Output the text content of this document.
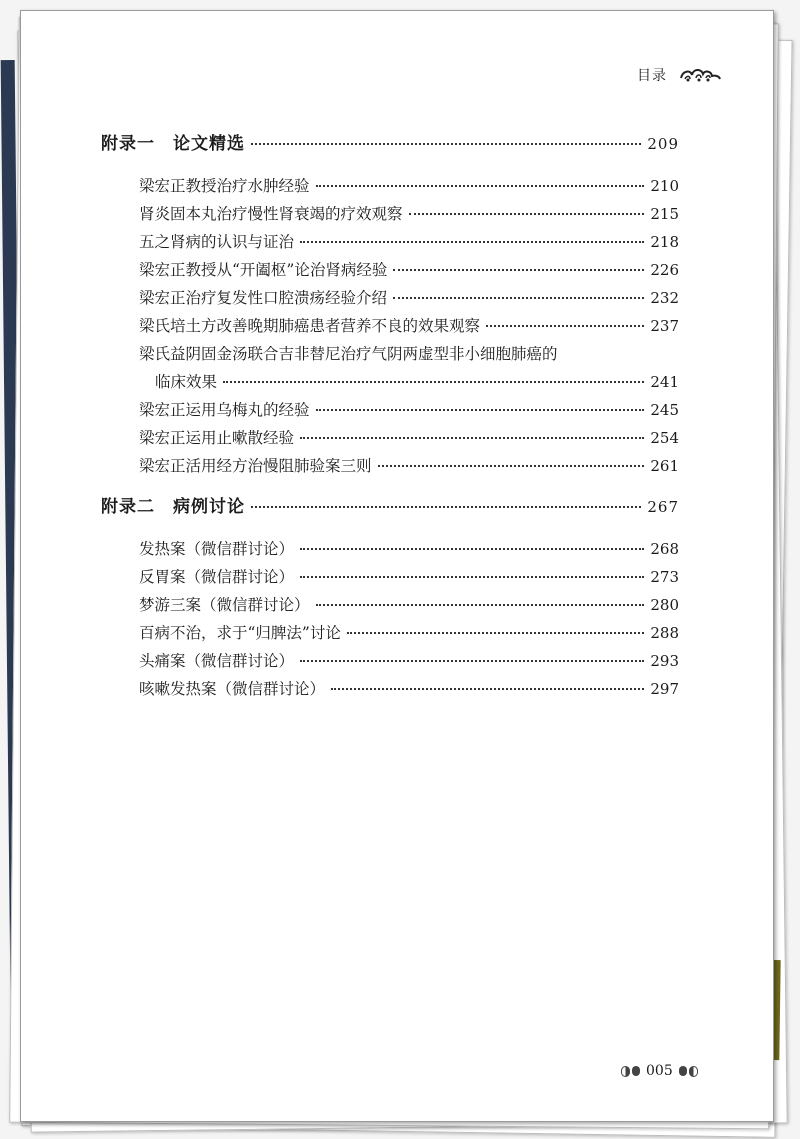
目录
附录一　论文精选	209
梁宏正教授治疗水肿经验	210
肾炎固本丸治疗慢性肾衰竭的疗效观察	215
五之肾病的认识与证治	218
梁宏正教授从“开阖枢”论治肾病经验	226
梁宏正治疗复发性口腔溃疡经验介绍	232
梁氏培土方改善晚期肺癌患者营养不良的效果观察	237
梁氏益阴固金汤联合吉非替尼治疗气阴两虚型非小细胞肺癌的
临床效果	241
梁宏正运用乌梅丸的经验	245
梁宏正运用止嗽散经验	254
梁宏正活用经方治慢阻肺验案三则	261
附录二　病例讨论	267
发热案（微信群讨论）	268
反胃案（微信群讨论）	273
梦游三案（微信群讨论）	280
百病不治，求于“归脾法”讨论	288
头痛案（微信群讨论）	293
咳嗽发热案（微信群讨论）	297
005
